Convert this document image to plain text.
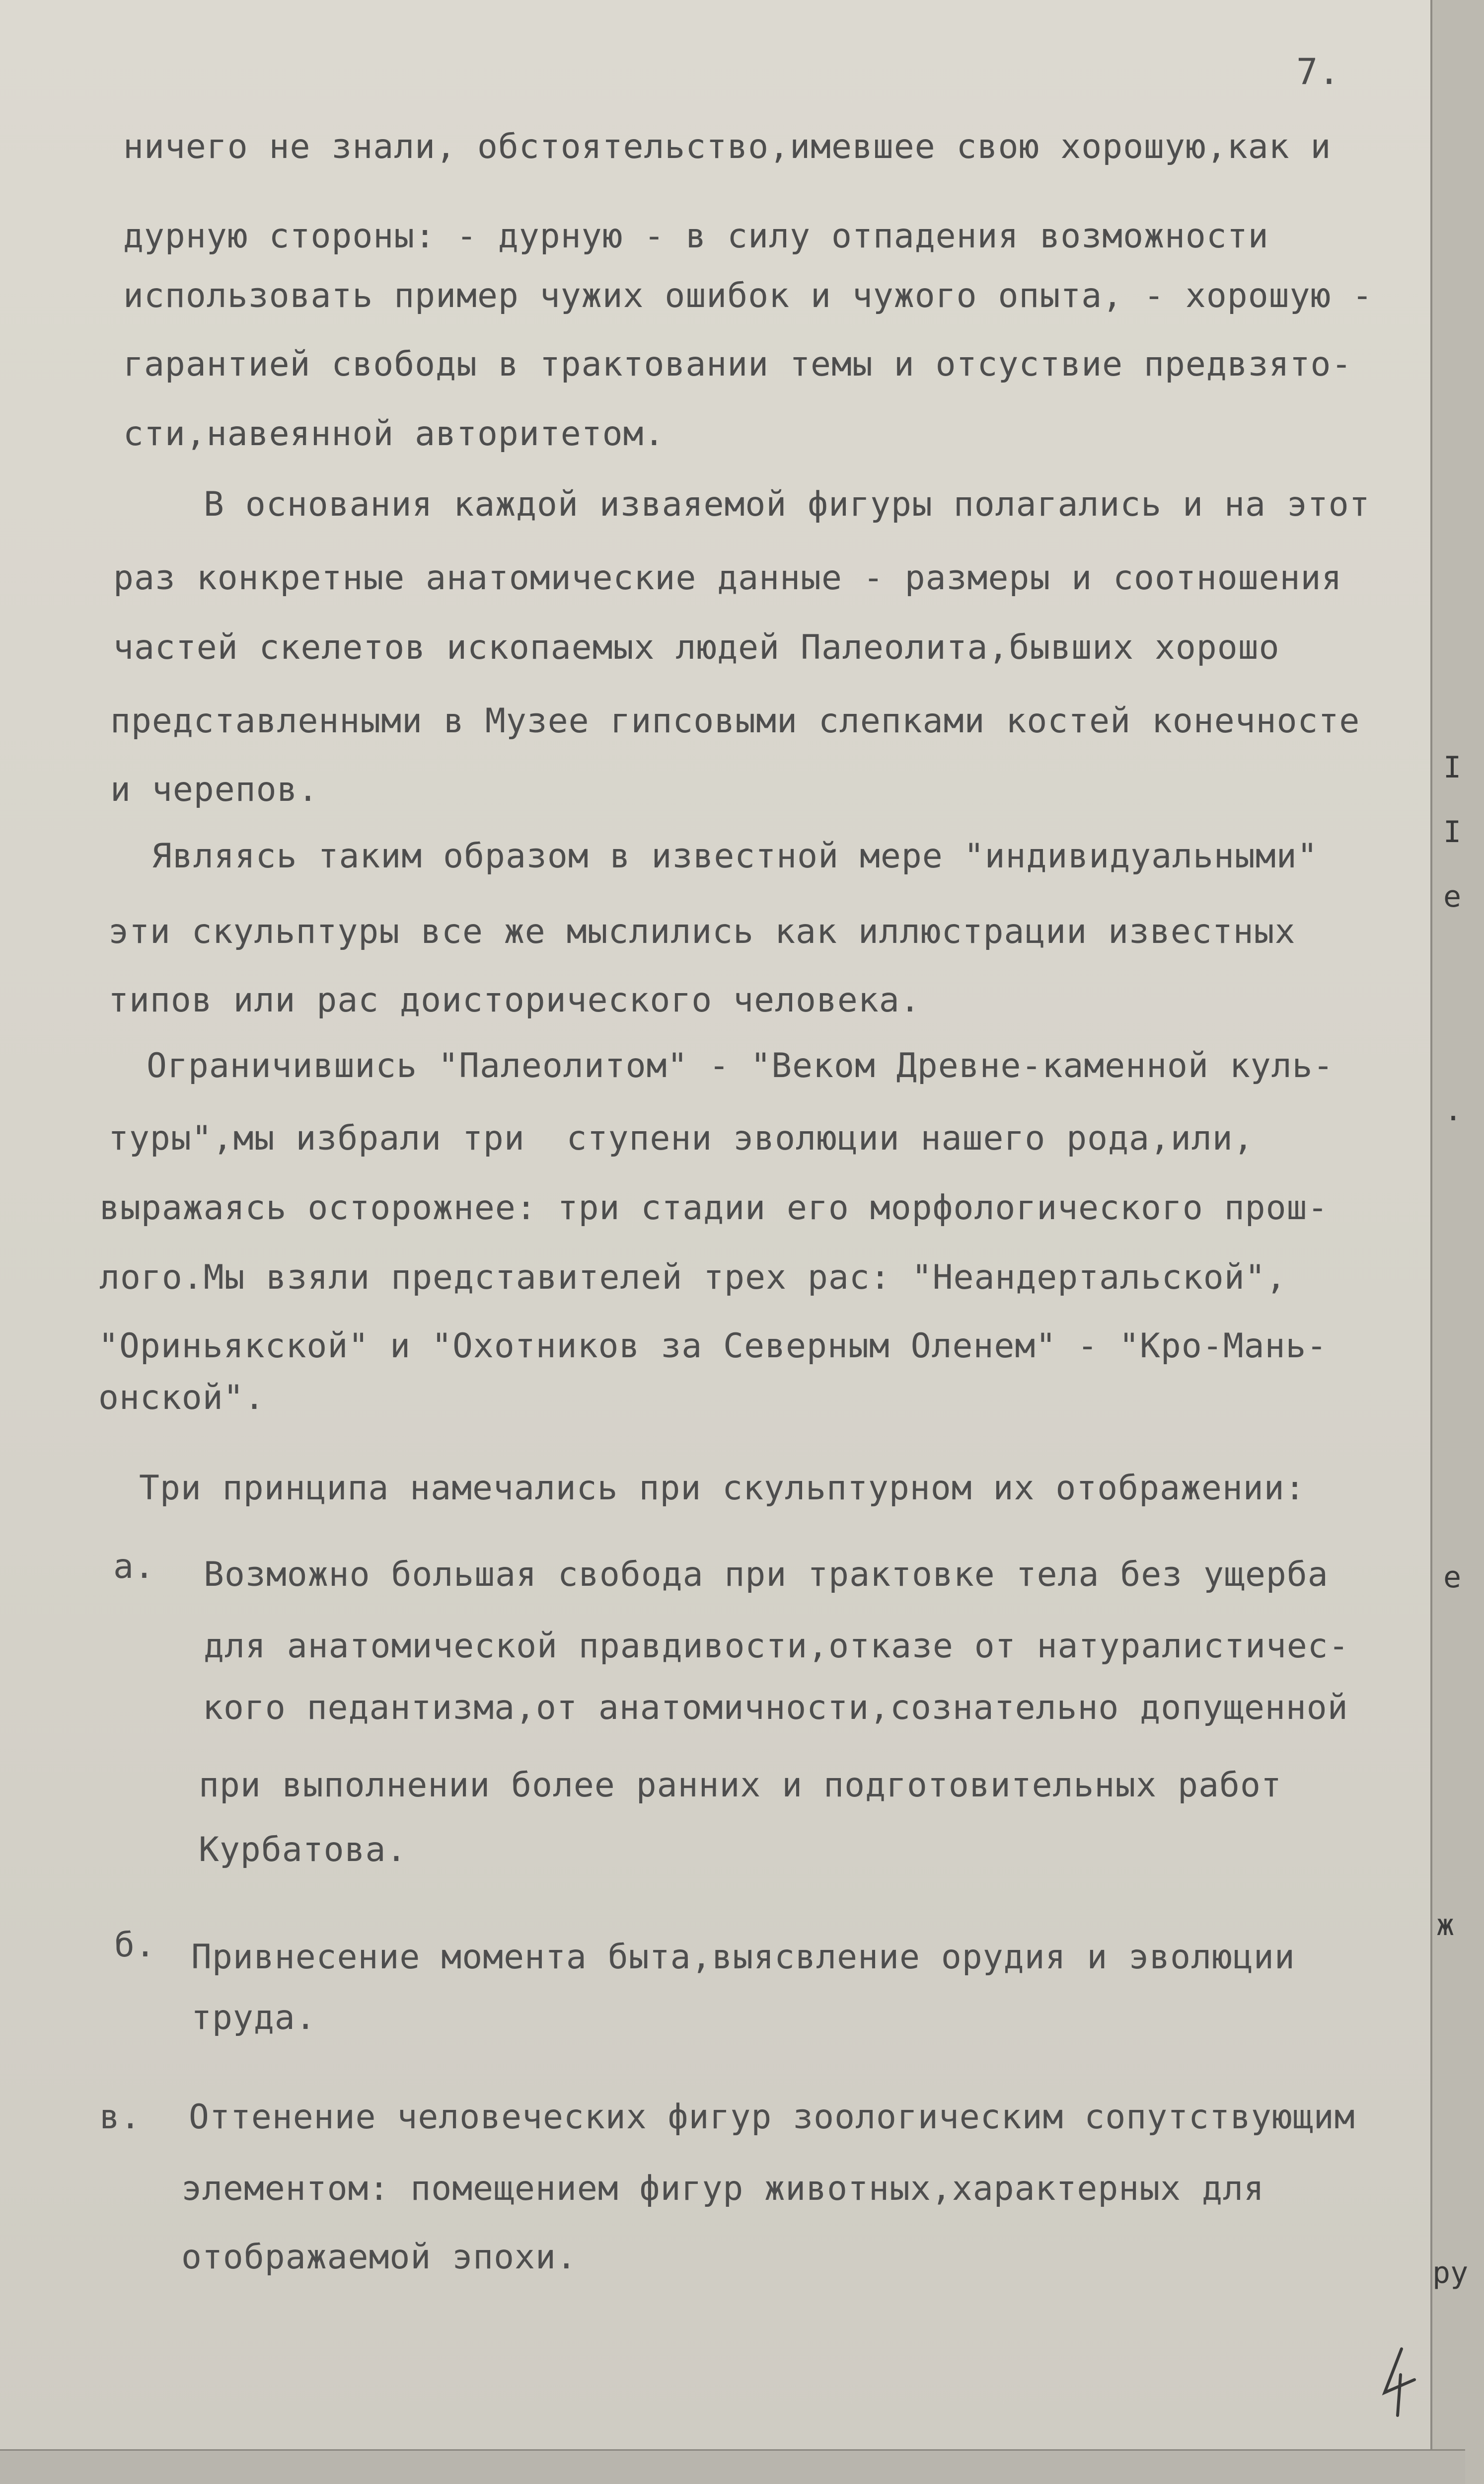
7.

ничего не знали, обстоятельство,имевшее свою хорошую,как и

дурную стороны: - дурную - в силу отпадения возможности

использовать пример чужих ошибок и чужого опыта, - хорошую -

гарантией свободы в трактовании темы и отсуствие предвзято-

сти,навеянной авторитетом.

В основания каждой изваяемой фигуры полагались и на этот

раз конкретные анатомические данные - размеры и соотношения

частей скелетов ископаемых людей Палеолита,бывших хорошо

представленными в Музее гипсовыми слепками костей конечносте

и черепов.

Являясь таким образом в известной мере "индивидуальными"

эти скульптуры все же мыслились как иллюстрации известных

типов или рас доисторического человека.

Ограничившись "Палеолитом" - "Веком Древне-каменной куль-

туры",мы избрали три  ступени эволюции нашего рода,или,

выражаясь осторожнее: три стадии его морфологического прош-

лого.Мы взяли представителей трех рас: "Неандертальской",

"Ориньякской" и "Охотников за Северным Оленем" - "Кро-Мань-

онской".

Три принципа намечались при скульптурном их отображении:

а. Возможно большая свобода при трактовке тела без ущерба

для анатомической правдивости,отказе от натуралистичес-

кого педантизма,от анатомичности,сознательно допущенной

при выполнении более ранних и подготовительных работ

Курбатова.

б. Привнесение момента быта,выясвление орудия и эволюции

труда.

в. Оттенение человеческих фигур зоологическим сопутствующим

элементом: помещением фигур животных,характерных для

отображаемой эпохи.

I

I

е

.

е

ж

ру
